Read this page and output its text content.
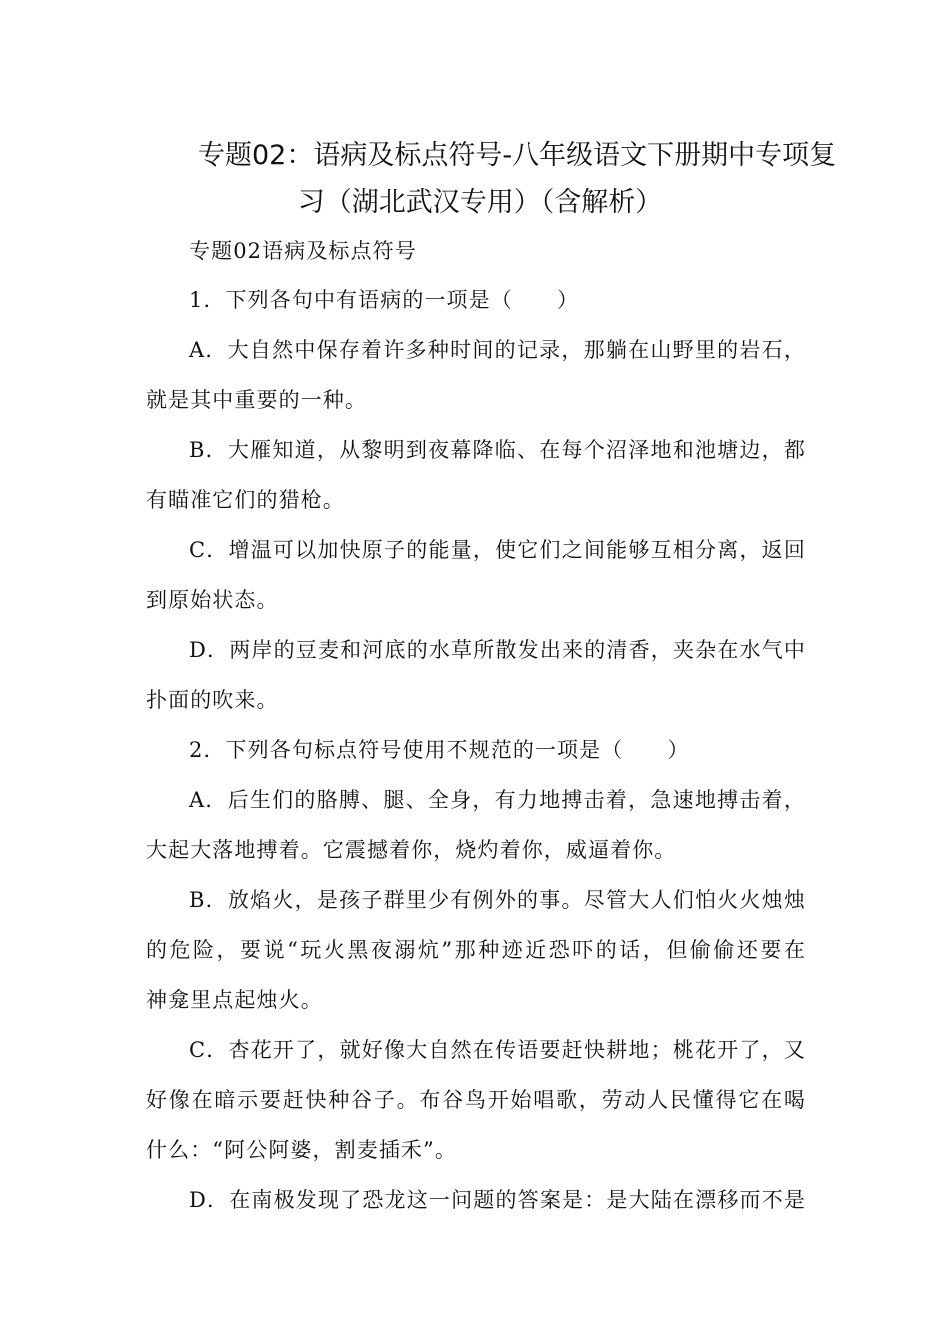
专题02：语病及标点符号-八年级语文下册期中专项复
习（湖北武汉专用）（含解析）
专题02语病及标点符号
1．下列各句中有语病的一项是（　　）
A．大自然中保存着许多种时间的记录，那躺在山野里的岩石，
就是其中重要的一种。
B．大雁知道，从黎明到夜幕降临、在每个沼泽地和池塘边，都
有瞄准它们的猎枪。
C．增温可以加快原子的能量，使它们之间能够互相分离，返回
到原始状态。
D．两岸的豆麦和河底的水草所散发出来的清香，夹杂在水气中
扑面的吹来。
2．下列各句标点符号使用不规范的一项是（　　）
A．后生们的胳膊、腿、全身，有力地搏击着，急速地搏击着，
大起大落地搏着。它震撼着你，烧灼着你，威逼着你。
B．放焰火，是孩子群里少有例外的事。尽管大人们怕火火烛烛
的危险，要说“玩火黑夜溺炕”那种迹近恐吓的话，但偷偷还要在
神龛里点起烛火。
C．杏花开了，就好像大自然在传语要赶快耕地；桃花开了，又
好像在暗示要赶快种谷子。布谷鸟开始唱歌，劳动人民懂得它在喝
什么：“阿公阿婆，割麦插禾”。
D．在南极发现了恐龙这一问题的答案是：是大陆在漂移而不是
